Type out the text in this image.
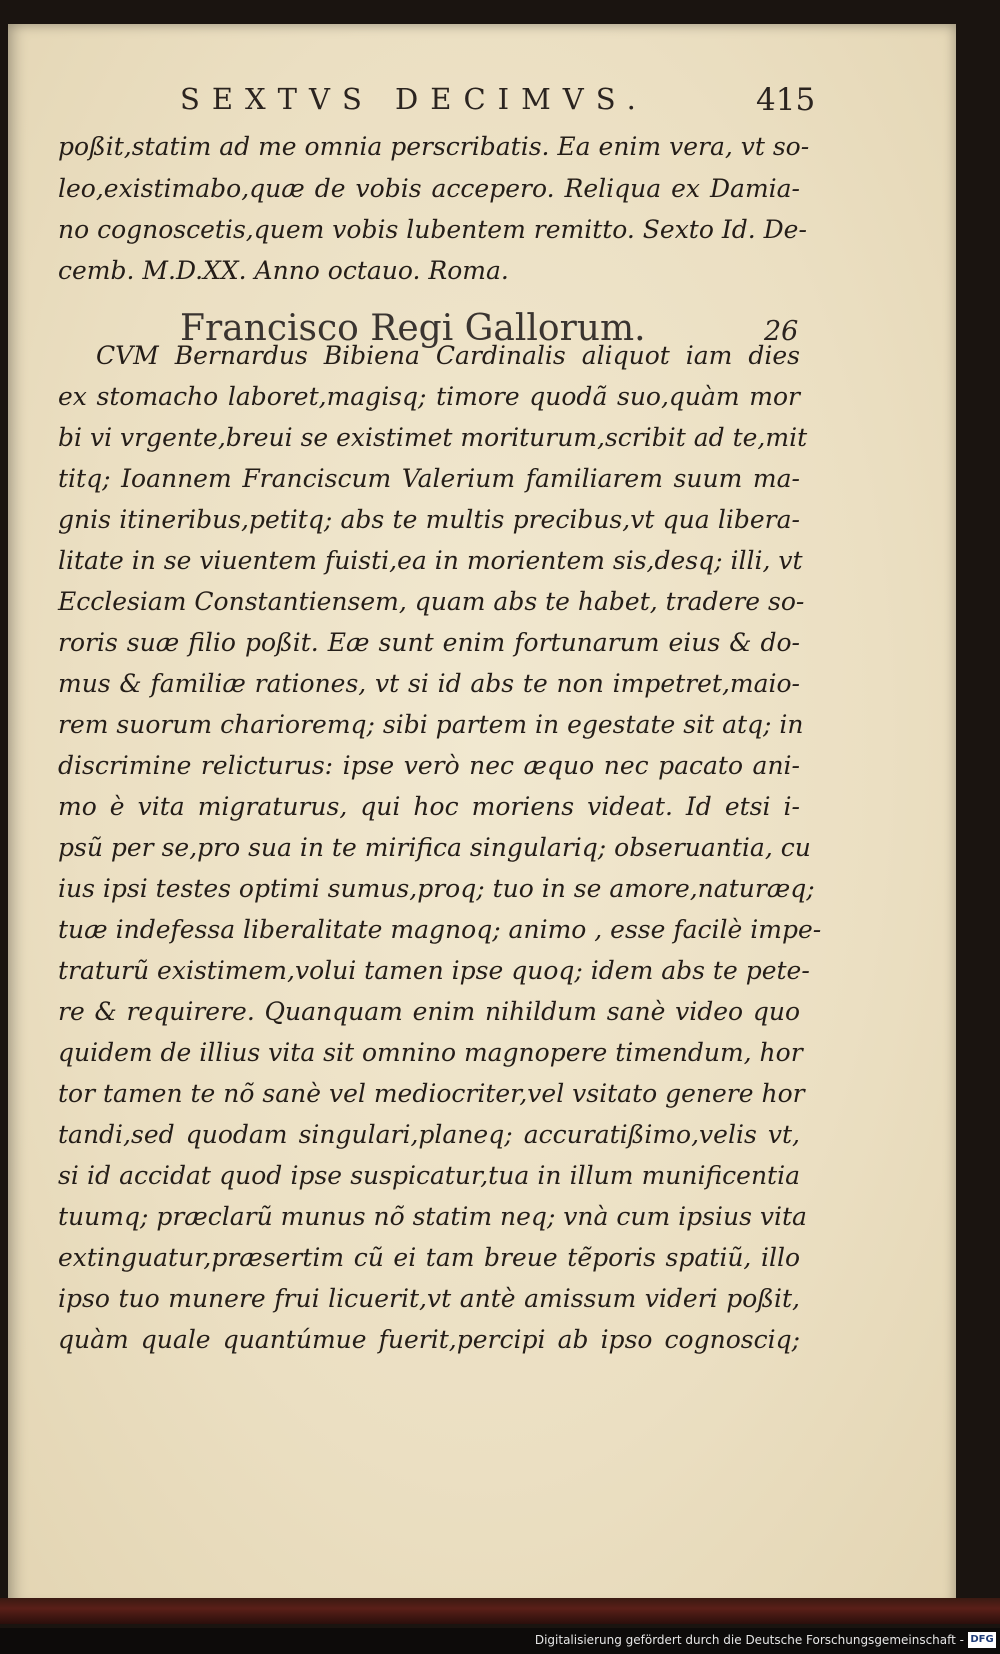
SEXTVS DECIMVS.	415
poßit,statim ad me omnia perscribatis. Ea enim vera, vt so-
leo,existimabo,quæ de vobis accepero. Reliqua ex Damia-
no cognoscetis,quem vobis lubentem remitto. Sexto Id. De-
cemb. M.D.XX. Anno octauo. Roma.
Francisco Regi Gallorum.	26
CVM Bernardus Bibiena Cardinalis aliquot iam dies
ex stomacho laboret,magisq; timore quodã suo,quàm mor
bi vi vrgente,breui se existimet moriturum,scribit ad te,mit
titq; Ioannem Franciscum Valerium familiarem suum ma-
gnis itineribus,petitq; abs te multis precibus,vt qua libera-
litate in se viuentem fuisti,ea in morientem sis,desq; illi, vt
Ecclesiam Constantiensem, quam abs te habet, tradere so-
roris suæ filio poßit. Eæ sunt enim fortunarum eius & do-
mus & familiæ rationes, vt si id abs te non impetret,maio-
rem suorum charioremq; sibi partem in egestate sit atq; in
discrimine relicturus: ipse verò nec æquo nec pacato ani-
mo è vita migraturus, qui hoc moriens videat. Id etsi i-
psũ per se,pro sua in te mirifica singulariq; obseruantia, cu
ius ipsi testes optimi sumus,proq; tuo in se amore,naturæq;
tuæ indefessa liberalitate magnoq; animo , esse facilè impe-
traturũ existimem,volui tamen ipse quoq; idem abs te pete-
re & requirere. Quanquam enim nihildum sanè video quo
quidem de illius vita sit omnino magnopere timendum, hor
tor tamen te nõ sanè vel mediocriter,vel vsitato genere hor
tandi,sed quodam singulari,planeq; accuratißimo,velis vt,
si id accidat quod ipse suspicatur,tua in illum munificentia
tuumq; præclarũ munus nõ statim neq; vnà cum ipsius vita
extinguatur,præsertim cũ ei tam breue tẽporis spatiũ, illo
ipso tuo munere frui licuerit,vt antè amissum videri poßit,
quàm quale quantúmue fuerit,percipi ab ipso cognosciq;
Digitalisierung gefördert durch die Deutsche Forschungsgemeinschaft - DFG
